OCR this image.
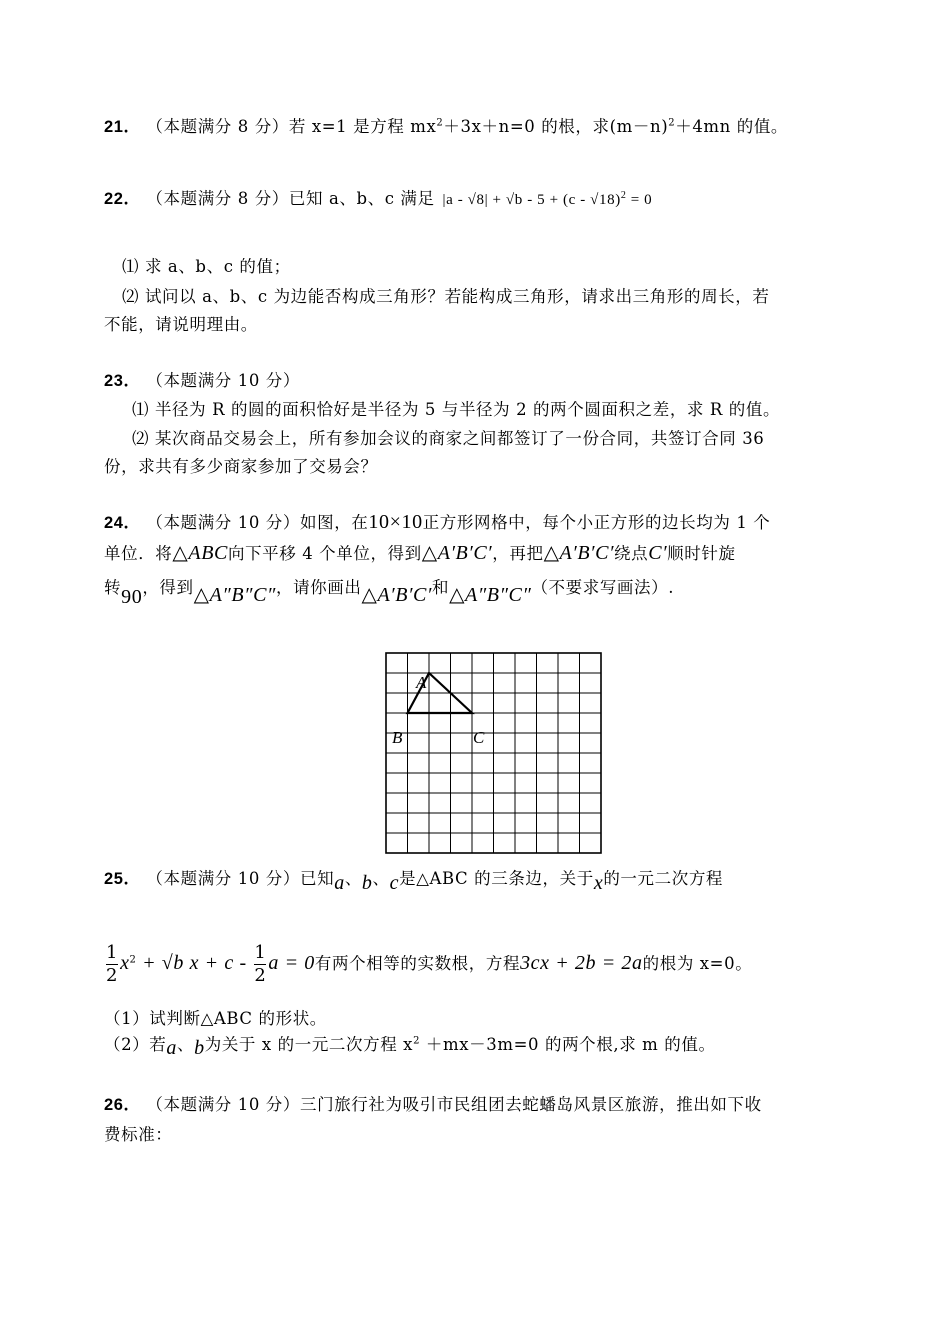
21． （本题满分 8 分）若 x=1 是方程 $mx^2+3x+n=0$ 的根，求$(m-n)^2+4mn$ 的值。
22． （本题满分 8 分）已知 a、b、c 满足 |a - √8| + √b - 5 + (c - √18)$^2$ = 0
⑴ 求 a、b、c 的值；
⑵ 试问以 a、b、c 为边能否构成三角形？若能构成三角形，请求出三角形的周长，若
不能，请说明理由。
23． （本题满分 10 分）
⑴ 半径为 R 的圆的面积恰好是半径为 5 与半径为 2 的两个圆面积之差，求 R 的值。
⑵ 某次商品交易会上，所有参加会议的商家之间都签订了一份合同，共签订合同 36
份，求共有多少商家参加了交易会？
24． （本题满分 10 分）如图，在10×10正方形网格中，每个小正方形的边长均为 1 个
单位．将△ABC向下平移 4 个单位，得到△A′B′C′，再把△A′B′C′绕点C′顺时针旋
转90，得到△A″B″C″，请你画出△A′B′C′和△A″B″C″（不要求写画法）.
A
B	C
25． （本题满分 10 分）已知a、b、c是△ABC 的三条边，关于x的一元二次方程
$\frac{1}{2} x^2 + √b$ $x + c - \frac{1}{2}$ a = 0有两个相等的实数根，方程3cx + 2b = 2a的根为 x=0。
（1）试判断△ABC 的形状。
（2）若a、b为关于 x 的一元二次方程 $x^2 +mx-3m=0$ 的两个根,求 m 的值。
26． （本题满分 10 分）三门旅行社为吸引市民组团去蛇蟠岛风景区旅游，推出如下收
费标准：
